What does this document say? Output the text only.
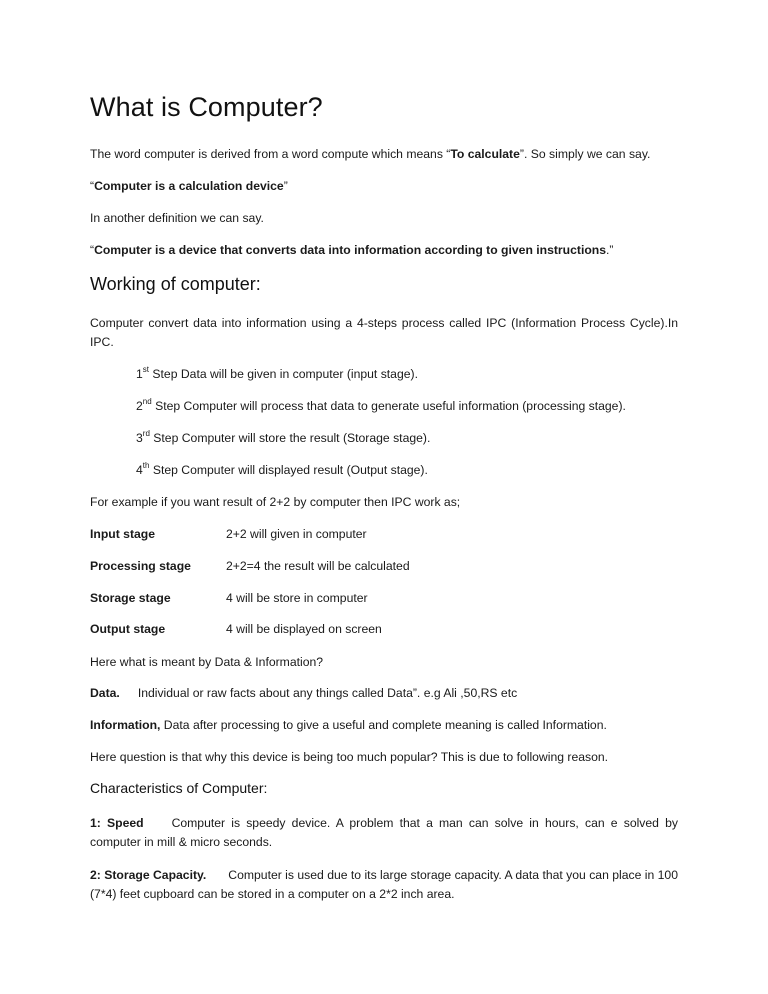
What is Computer?

The word computer is derived from a word compute which means “To calculate”. So simply we can say.

“Computer is a calculation device”

In another definition we can say.

“Computer is a device that converts data into information according to given instructions.”

Working of computer:

Computer convert data into information using a 4-steps process called IPC (Information Process Cycle).In IPC.

1st Step Data will be given in computer (input stage).

2nd Step Computer will process that data to generate useful information (processing stage).

3rd Step Computer will store the result (Storage stage).

4th Step Computer will displayed result (Output stage).

For example if you want result of 2+2 by computer then IPC work as;

Input stage	2+2 will given in computer
Processing stage	2+2=4 the result will be calculated
Storage stage	4 will be store in computer
Output stage	4 will be displayed on screen

Here what is meant by Data & Information?

Data. Individual or raw facts about any things called Data”. e.g Ali ,50,RS etc

Information, Data after processing to give a useful and complete meaning is called Information.

Here question is that why this device is being too much popular? This is due to following reason.

Characteristics of Computer:

1: Speed Computer is speedy device. A problem that a man can solve in hours, can e solved by computer in mill & micro seconds.

2: Storage Capacity. Computer is used due to its large storage capacity. A data that you can place in 100 (7*4) feet cupboard can be stored in a computer on a 2*2 inch area.
